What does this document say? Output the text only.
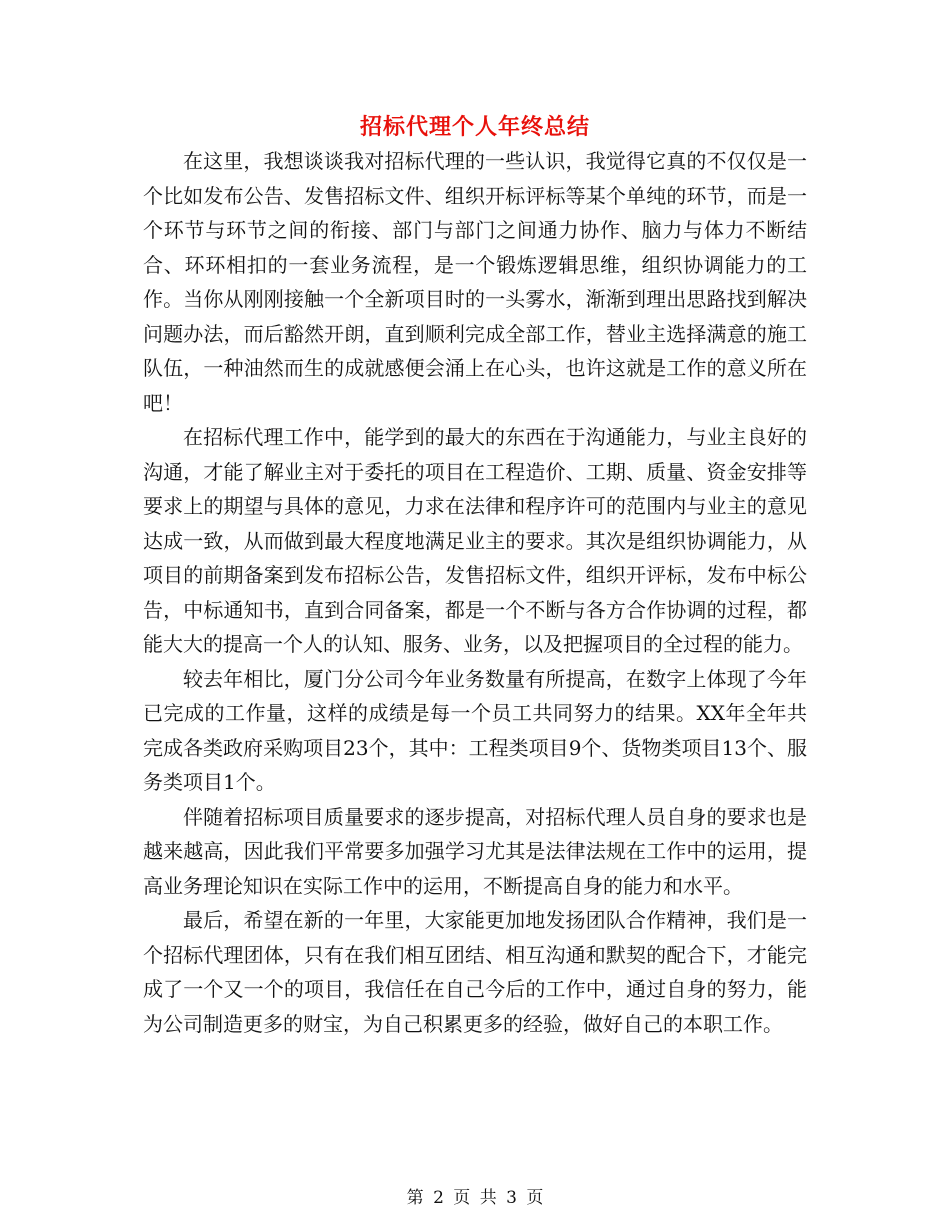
招标代理个人年终总结

在这里，我想谈谈我对招标代理的一些认识，我觉得它真的不仅仅是一个比如发布公告、发售招标文件、组织开标评标等某个单纯的环节，而是一个环节与环节之间的衔接、部门与部门之间通力协作、脑力与体力不断结合、环环相扣的一套业务流程，是一个锻炼逻辑思维，组织协调能力的工作。当你从刚刚接触一个全新项目时的一头雾水，渐渐到理出思路找到解决问题办法，而后豁然开朗，直到顺利完成全部工作，替业主选择满意的施工队伍，一种油然而生的成就感便会涌上在心头，也许这就是工作的意义所在吧！

在招标代理工作中，能学到的最大的东西在于沟通能力，与业主良好的沟通，才能了解业主对于委托的项目在工程造价、工期、质量、资金安排等要求上的期望与具体的意见，力求在法律和程序许可的范围内与业主的意见达成一致，从而做到最大程度地满足业主的要求。其次是组织协调能力，从项目的前期备案到发布招标公告，发售招标文件，组织开评标，发布中标公告，中标通知书，直到合同备案，都是一个不断与各方合作协调的过程，都能大大的提高一个人的认知、服务、业务，以及把握项目的全过程的能力。

较去年相比，厦门分公司今年业务数量有所提高，在数字上体现了今年已完成的工作量，这样的成绩是每一个员工共同努力的结果。XX年全年共完成各类政府采购项目23个，其中：工程类项目9个、货物类项目13个、服务类项目1个。

伴随着招标项目质量要求的逐步提高，对招标代理人员自身的要求也是越来越高，因此我们平常要多加强学习尤其是法律法规在工作中的运用，提高业务理论知识在实际工作中的运用，不断提高自身的能力和水平。

最后，希望在新的一年里，大家能更加地发扬团队合作精神，我们是一个招标代理团体，只有在我们相互团结、相互沟通和默契的配合下，才能完成了一个又一个的项目，我信任在自己今后的工作中，通过自身的努力，能为公司制造更多的财宝，为自己积累更多的经验，做好自己的本职工作。

第 2 页 共 3 页
